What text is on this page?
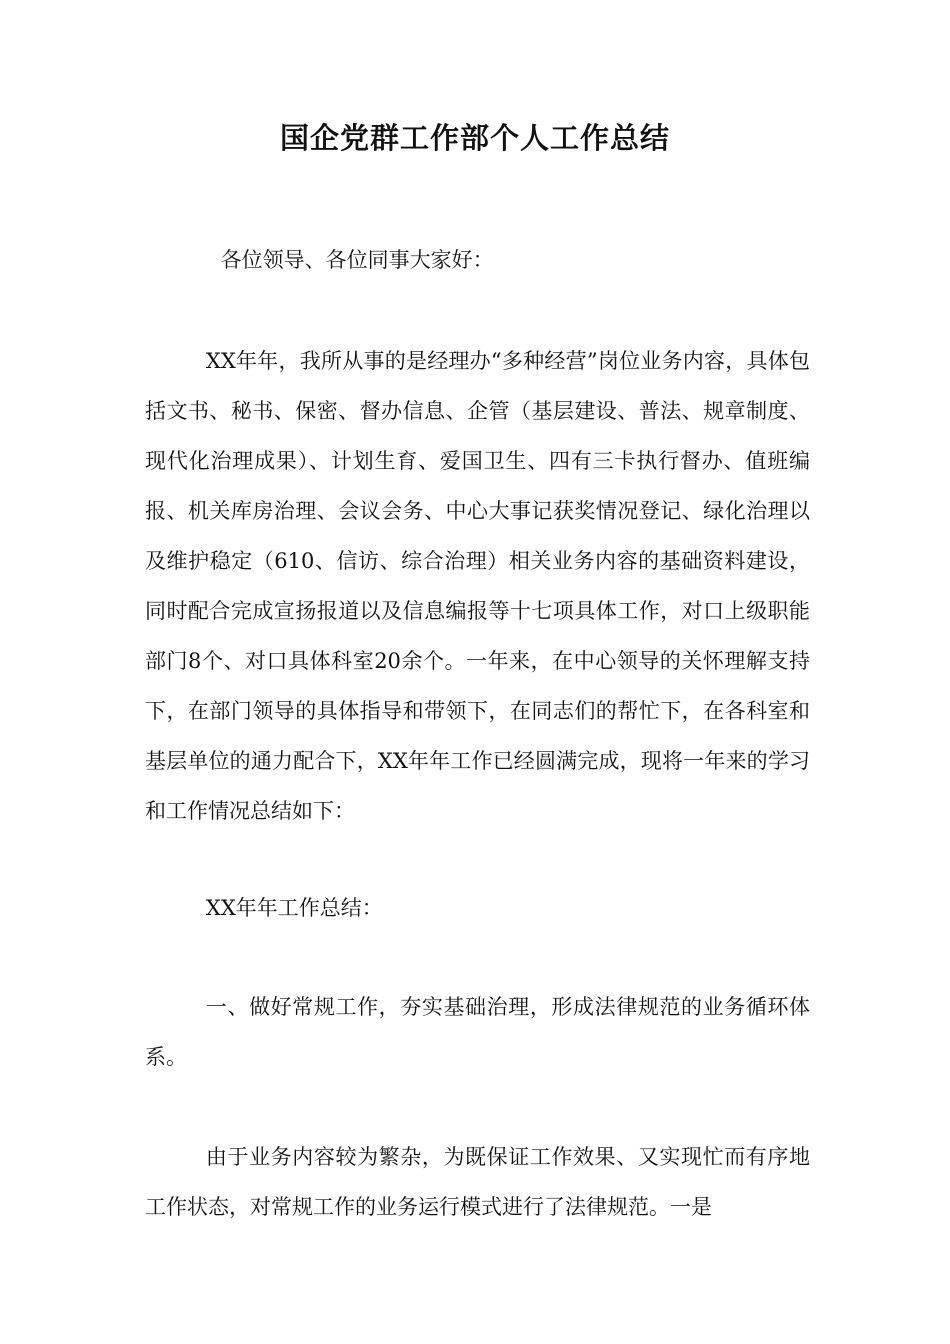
国企党群工作部个人工作总结

各位领导、各位同事大家好：

XX年年，我所从事的是经理办“多种经营”岗位业务内容，具体包括文书、秘书、保密、督办信息、企管（基层建设、普法、规章制度、现代化治理成果）、计划生育、爱国卫生、四有三卡执行督办、值班编报、机关库房治理、会议会务、中心大事记获奖情况登记、绿化治理以及维护稳定（610、信访、综合治理）相关业务内容的基础资料建设，同时配合完成宣扬报道以及信息编报等十七项具体工作，对口上级职能部门8个、对口具体科室20余个。一年来，在中心领导的关怀理解支持下，在部门领导的具体指导和带领下，在同志们的帮忙下，在各科室和基层单位的通力配合下，XX年年工作已经圆满完成，现将一年来的学习和工作情况总结如下：

XX年年工作总结：

一、做好常规工作，夯实基础治理，形成法律规范的业务循环体系。

由于业务内容较为繁杂，为既保证工作效果、又实现忙而有序地工作状态，对常规工作的业务运行模式进行了法律规范。一是
